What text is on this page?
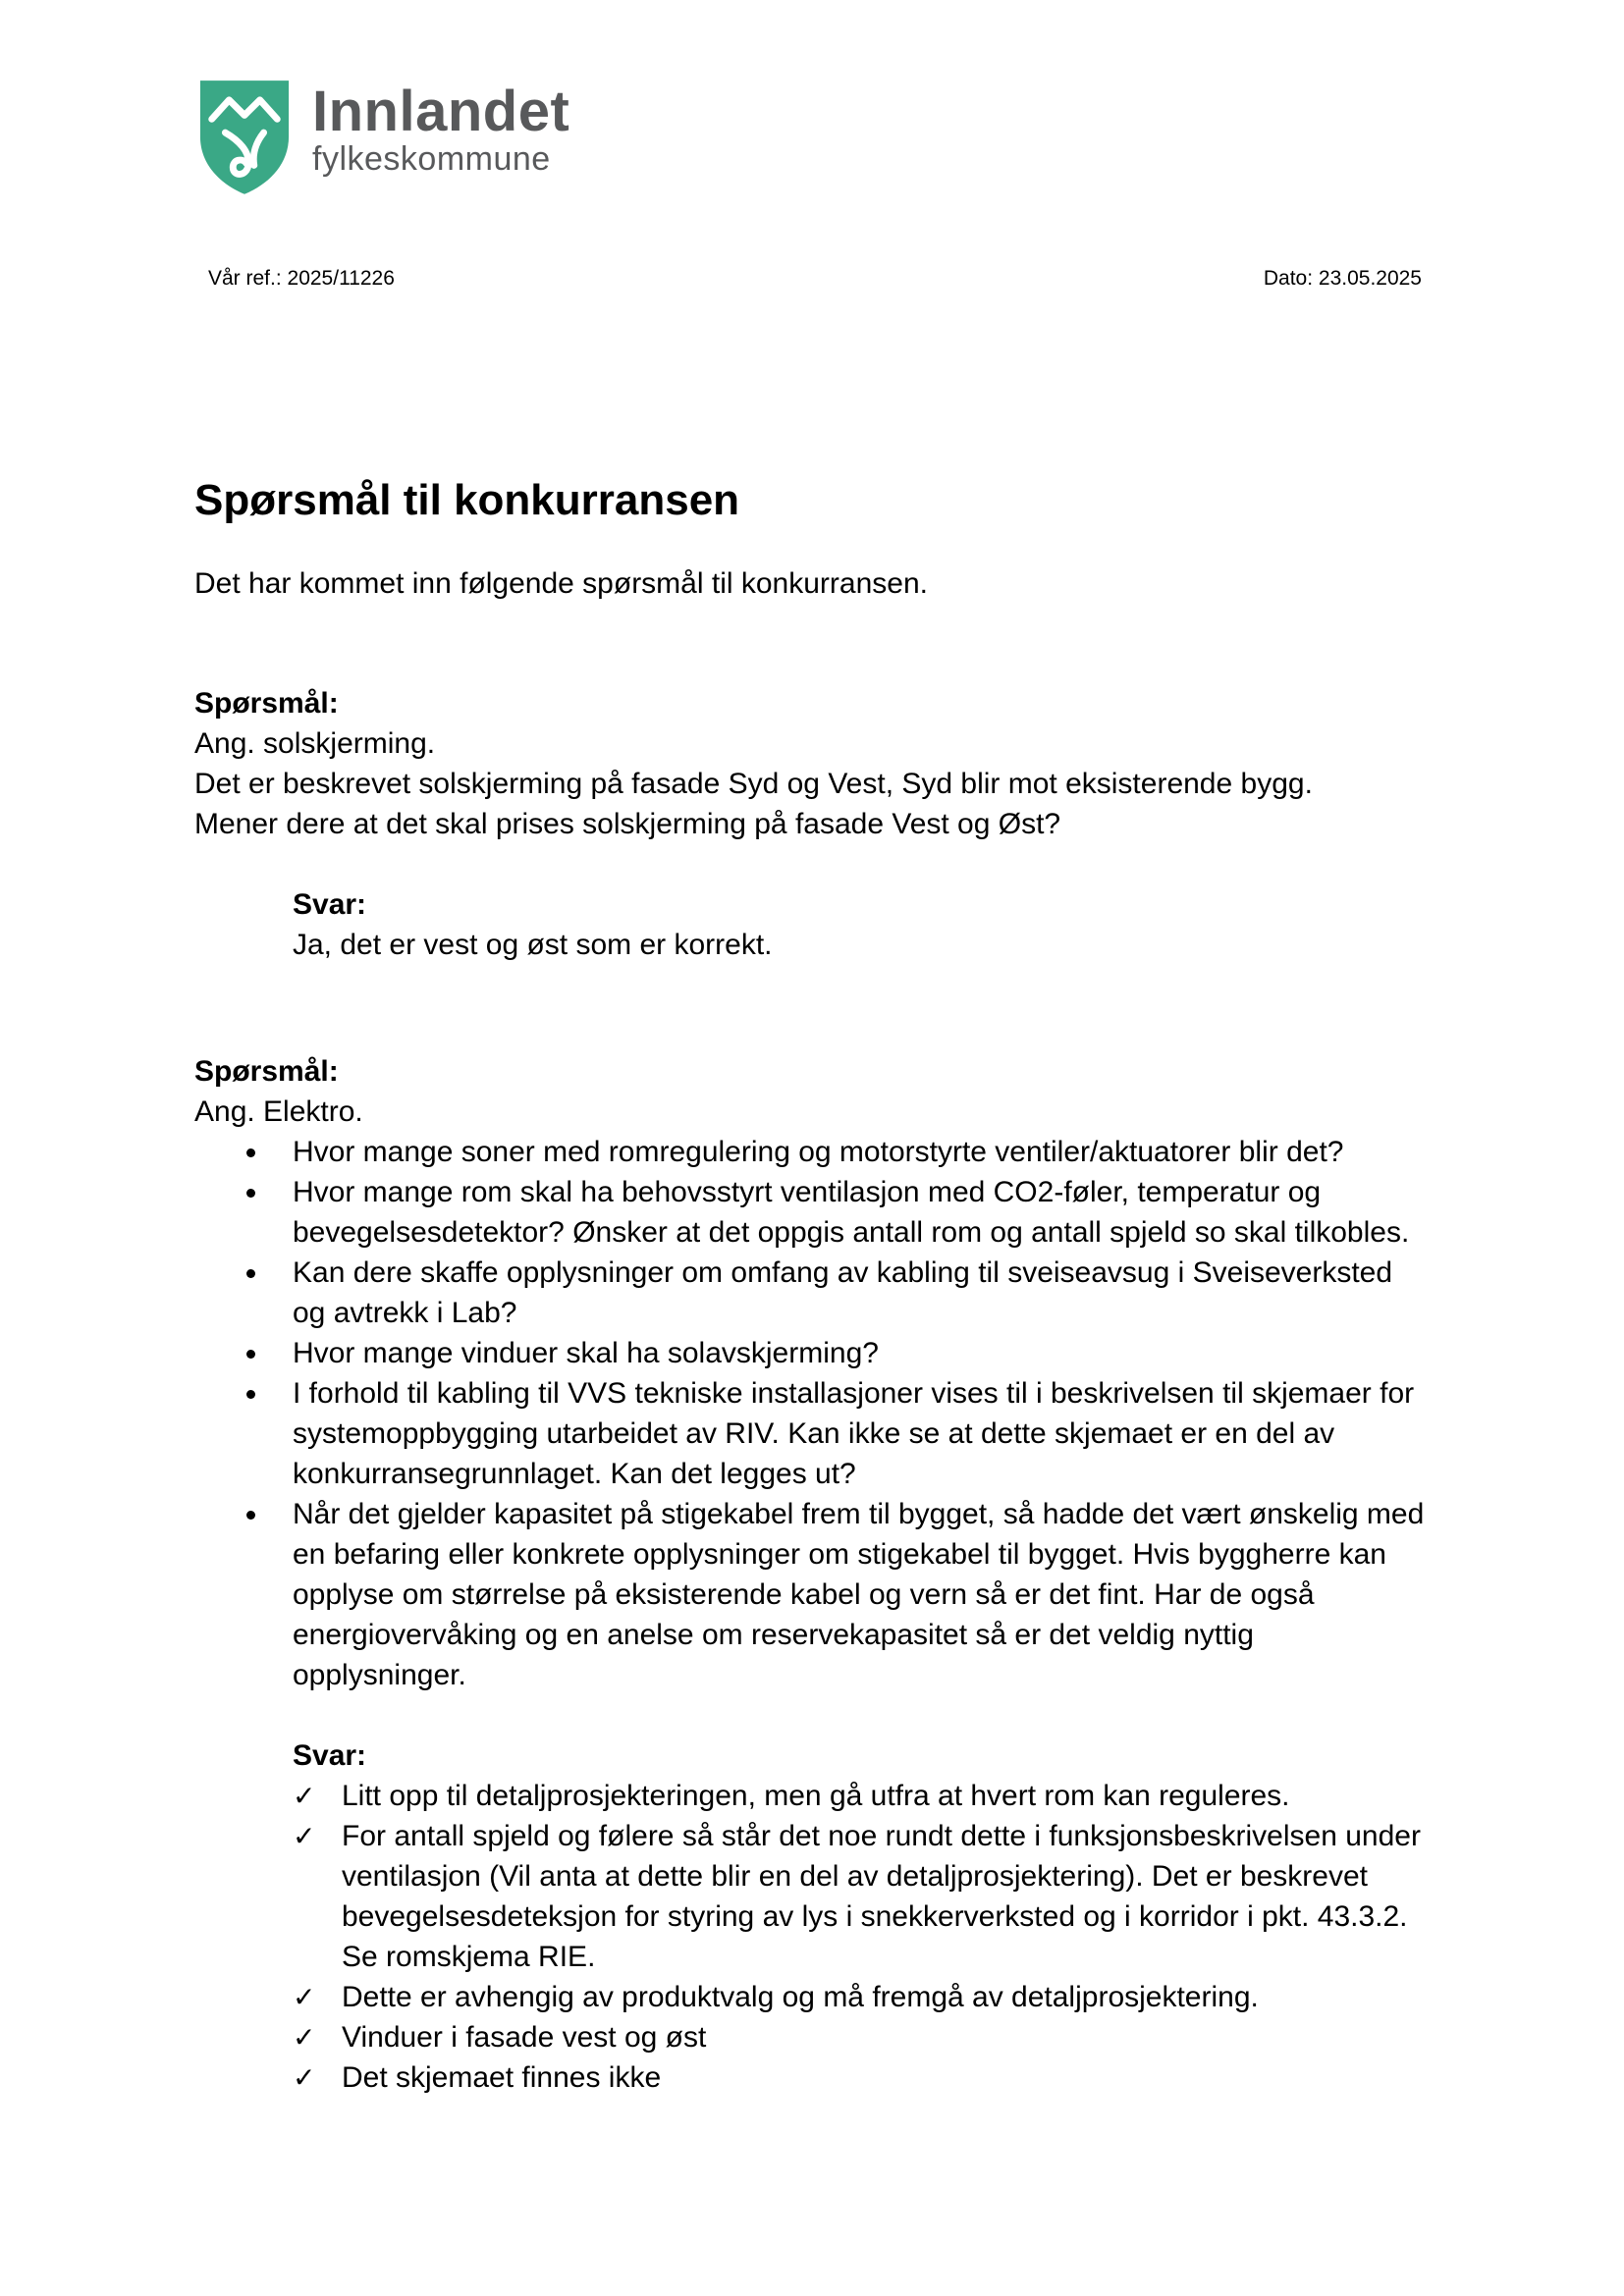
Innlandet
fylkeskommune
Vår ref.: 2025/11226	Dato: 23.05.2025
Spørsmål til konkurransen
Det har kommet inn følgende spørsmål til konkurransen.
Spørsmål:
Ang. solskjerming.
Det er beskrevet solskjerming på fasade Syd og Vest, Syd blir mot eksisterende bygg.
Mener dere at det skal prises solskjerming på fasade Vest og Øst?
Svar:
Ja, det er vest og øst som er korrekt.
Spørsmål:
Ang. Elektro.
Hvor mange soner med romregulering og motorstyrte ventiler/aktuatorer blir det?
Hvor mange rom skal ha behovsstyrt ventilasjon med CO2-føler, temperatur og bevegelsesdetektor? Ønsker at det oppgis antall rom og antall spjeld so skal tilkobles.
Kan dere skaffe opplysninger om omfang av kabling til sveiseavsug i Sveiseverksted og avtrekk i Lab?
Hvor mange vinduer skal ha solavskjerming?
I forhold til kabling til VVS tekniske installasjoner vises til i beskrivelsen til skjemaer for systemoppbygging utarbeidet av RIV. Kan ikke se at dette skjemaet er en del av konkurransegrunnlaget. Kan det legges ut?
Når det gjelder kapasitet på stigekabel frem til bygget, så hadde det vært ønskelig med en befaring eller konkrete opplysninger om stigekabel til bygget. Hvis byggherre kan opplyse om størrelse på eksisterende kabel og vern så er det fint. Har de også energiovervåking og en anelse om reservekapasitet så er det veldig nyttig opplysninger.
Svar:
✓ Litt opp til detaljprosjekteringen, men gå utfra at hvert rom kan reguleres.
✓ For antall spjeld og følere så står det noe rundt dette i funksjonsbeskrivelsen under ventilasjon (Vil anta at dette blir en del av detaljprosjektering). Det er beskrevet bevegelsesdeteksjon for styring av lys i snekkerverksted og i korridor i pkt. 43.3.2. Se romskjema RIE.
✓ Dette er avhengig av produktvalg og må fremgå av detaljprosjektering.
✓ Vinduer i fasade vest og øst
✓ Det skjemaet finnes ikke
